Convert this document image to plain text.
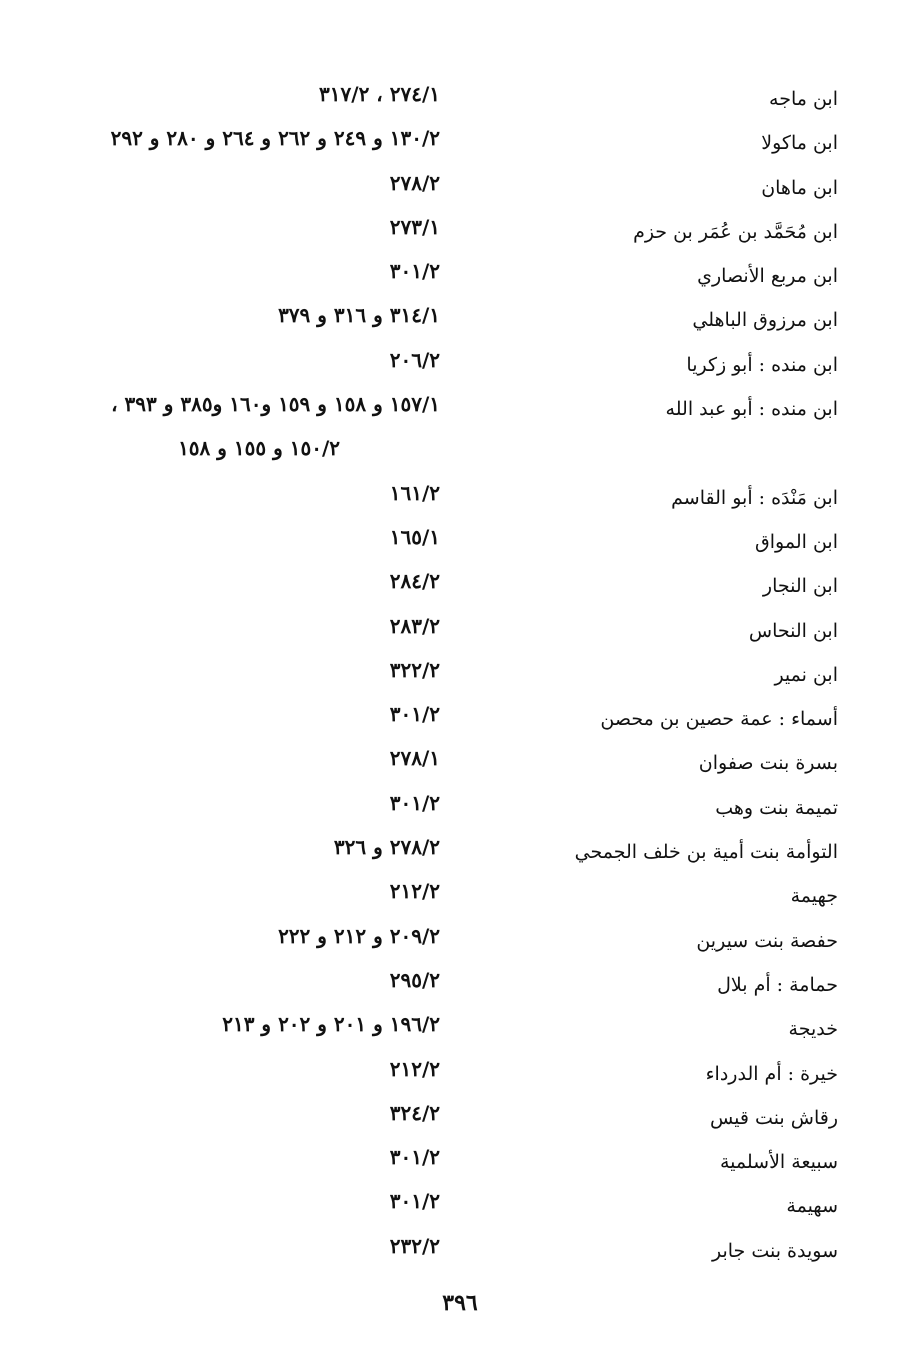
ابن ماجه
٢٧٤/١ ، ٣١٧/٢
ابن ماكولا
١٣٠/٢ و ٢٤٩ و ٢٦٢ و ٢٦٤ و ٢٨٠ و ٢٩٢
ابن ماهان
٢٧٨/٢
ابن مُحَمَّد بن عُمَر بن حزم
٢٧٣/١
ابن مربع الأنصاري
٣٠١/٢
ابن مرزوق الباهلي
٣١٤/١ و ٣١٦ و ٣٧٩
ابن منده : أبو زكريا
٢٠٦/٢
ابن منده : أبو عبد الله
١٥٧/١ و ١٥٨ و ١٥٩ و١٦٠ و٣٨٥ و ٣٩٣ ،
١٥٠/٢ و ١٥٥ و ١٥٨
ابن مَنْدَه : أبو القاسم
١٦١/٢
ابن المواق
١٦٥/١
ابن النجار
٢٨٤/٢
ابن النحاس
٢٨٣/٢
ابن نمير
٣٢٢/٢
أسماء : عمة حصين بن محصن
٣٠١/٢
بسرة بنت صفوان
٢٧٨/١
تميمة بنت وهب
٣٠١/٢
التوأمة بنت أمية بن خلف الجمحي
٢٧٨/٢ و ٣٢٦
جهيمة
٢١٢/٢
حفصة بنت سيرين
٢٠٩/٢ و ٢١٢ و ٢٢٢
حمامة : أم بلال
٢٩٥/٢
خديجة
١٩٦/٢ و ٢٠١ و ٢٠٢ و ٢١٣
خيرة : أم الدرداء
٢١٢/٢
رقاش بنت قيس
٣٢٤/٢
سبيعة الأسلمية
٣٠١/٢
سهيمة
٣٠١/٢
سويدة بنت جابر
٢٣٢/٢
٣٩٦
